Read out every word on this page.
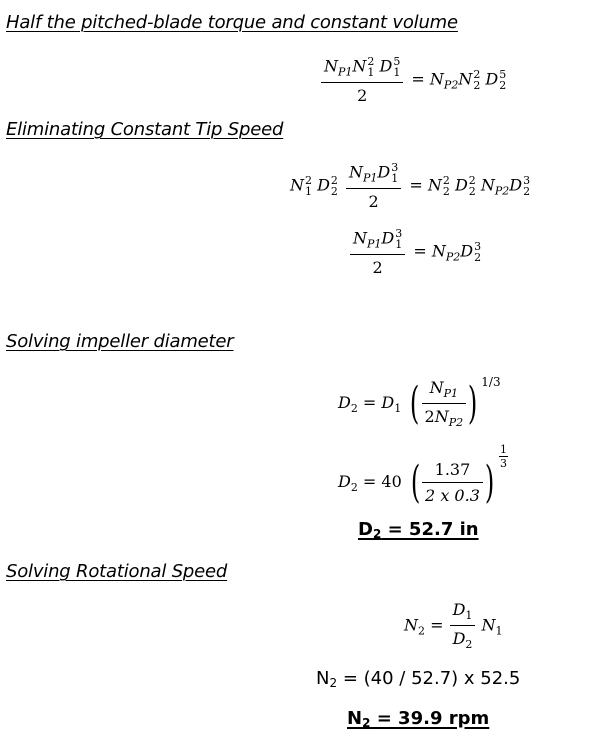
Half the pitched-blade torque and constant volume
$N_{P1}N$ 2
1 D 5
1
$2 = N_{P2}N$ 2
2 D 5
2
Eliminating Constant Tip Speed
N 2
1 D 2
2
$N_{P1}D$ 3
1
2 = N 2
2 D 2
2 $N_{P2}D$ 3
2
$N_{P1}D$ 3
1
$2 = N_{P2}D$ 3
2
Solving impeller diameter
$D_2 = D_1$ ( $\frac{N_{P1}}{2N_{P2}}$ ) $^{1/3}$
$D_2 = 40$ ( $\frac{1.37}{2 x 0.3}$ ) $\frac{1}{3}$
D2 = 52.7 in
Solving Rotational Speed
$N_2 = \frac{D_1}{D_2} N_1$
N2 = (40 / 52.7) x 52.5
N2 = 39.9 rpm
